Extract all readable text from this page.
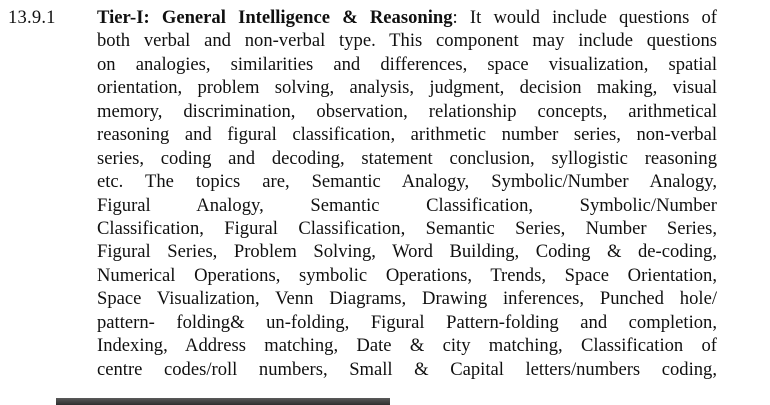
13.9.1 Tier-I: General Intelligence & Reasoning: It would include questions of
both verbal and non-verbal type. This component may include questions
on analogies, similarities and differences, space visualization, spatial
orientation, problem solving, analysis, judgment, decision making, visual
memory, discrimination, observation, relationship concepts, arithmetical
reasoning and figural classification, arithmetic number series, non-verbal
series, coding and decoding, statement conclusion, syllogistic reasoning
etc. The topics are, Semantic Analogy, Symbolic/Number Analogy,
Figural Analogy, Semantic Classification, Symbolic/Number
Classification, Figural Classification, Semantic Series, Number Series,
Figural Series, Problem Solving, Word Building, Coding & de-coding,
Numerical Operations, symbolic Operations, Trends, Space Orientation,
Space Visualization, Venn Diagrams, Drawing inferences, Punched hole/
pattern- folding& un-folding, Figural Pattern-folding and completion,
Indexing, Address matching, Date & city matching, Classification of
centre codes/roll numbers, Small & Capital letters/numbers coding,
